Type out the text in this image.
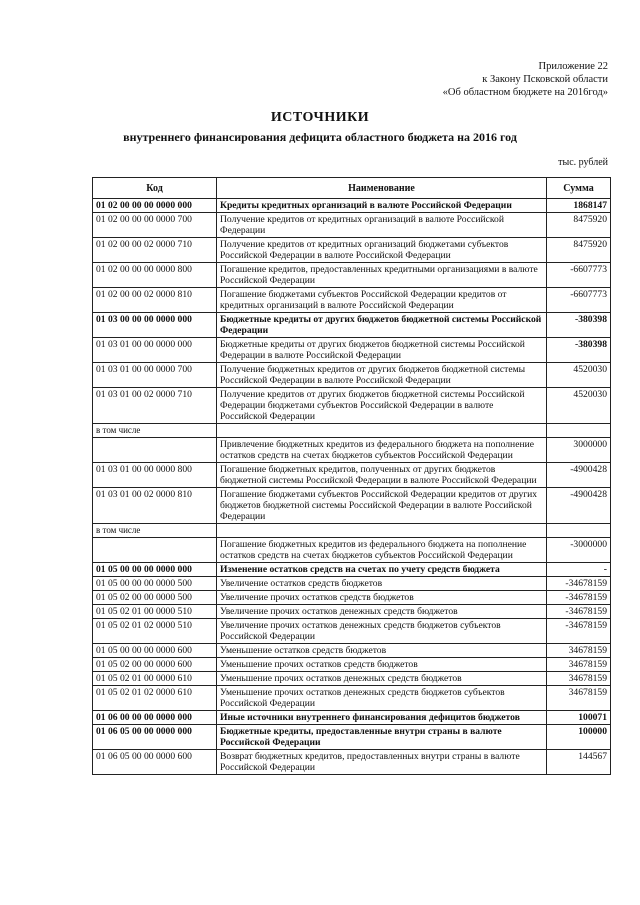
Приложение 22
к Закону Псковской области
«Об областном бюджете на 2016год»
ИСТОЧНИКИ
внутреннего финансирования дефицита областного бюджета на 2016 год
тыс. рублей
Код	Наименование	Сумма
01 02 00 00 00 0000 000	Кредиты кредитных организаций в валюте Российской Федерации	1868147
01 02 00 00 00 0000 700	Получение кредитов от кредитных организаций в валюте Российской Федерации	8475920
01 02 00 00 02 0000 710	Получение кредитов от кредитных организаций бюджетами субъектов Российской Федерации в валюте Российской Федерации	8475920
01 02 00 00 00 0000 800	Погашение кредитов, предоставленных кредитными организациями в валюте Российской Федерации	-6607773
01 02 00 00 02 0000 810	Погашение бюджетами субъектов Российской Федерации кредитов от кредитных организаций в валюте Российской Федерации	-6607773
01 03 00 00 00 0000 000	Бюджетные кредиты от других бюджетов бюджетной системы Российской Федерации	-380398
01 03 01 00 00 0000 000	Бюджетные кредиты от других бюджетов бюджетной системы Российской Федерации в валюте Российской Федерации	-380398
01 03 01 00 00 0000 700	Получение бюджетных кредитов от других бюджетов бюджетной системы Российской Федерации в валюте Российской Федерации	4520030
01 03 01 00 02 0000 710	Получение кредитов от других бюджетов бюджетной системы Российской Федерации бюджетами субъектов Российской Федерации в валюте Российской Федерации	4520030
в том числе		
	Привлечение бюджетных кредитов из федерального бюджета на пополнение остатков средств на счетах бюджетов субъектов Российской Федерации	3000000
01 03 01 00 00 0000 800	Погашение бюджетных кредитов, полученных от других бюджетов бюджетной системы Российской Федерации в валюте Российской Федерации	-4900428
01 03 01 00 02 0000 810	Погашение бюджетами субъектов Российской Федерации кредитов от других бюджетов бюджетной системы Российской Федерации в валюте Российской Федерации	-4900428
в том числе		
	Погашение бюджетных кредитов из федерального бюджета на пополнение остатков средств на счетах бюджетов субъектов Российской Федерации	-3000000
01 05 00 00 00 0000 000	Изменение остатков средств на счетах по учету средств бюджета	-
01 05 00 00 00 0000 500	Увеличение остатков средств бюджетов	-34678159
01 05 02 00 00 0000 500	Увеличение прочих остатков средств бюджетов	-34678159
01 05 02 01 00 0000 510	Увеличение прочих остатков денежных средств бюджетов	-34678159
01 05 02 01 02 0000 510	Увеличение прочих остатков денежных средств бюджетов субъектов Российской Федерации	-34678159
01 05 00 00 00 0000 600	Уменьшение остатков средств бюджетов	34678159
01 05 02 00 00 0000 600	Уменьшение прочих остатков средств бюджетов	34678159
01 05 02 01 00 0000 610	Уменьшение прочих остатков денежных средств бюджетов	34678159
01 05 02 01 02 0000 610	Уменьшение прочих остатков денежных средств бюджетов субъектов Российской Федерации	34678159
01 06 00 00 00 0000 000	Иные источники внутреннего финансирования дефицитов бюджетов	100071
01 06 05 00 00 0000 000	Бюджетные кредиты, предоставленные внутри страны в валюте Российской Федерации	100000
01 06 05 00 00 0000 600	Возврат бюджетных кредитов, предоставленных внутри страны в валюте Российской Федерации	144567
